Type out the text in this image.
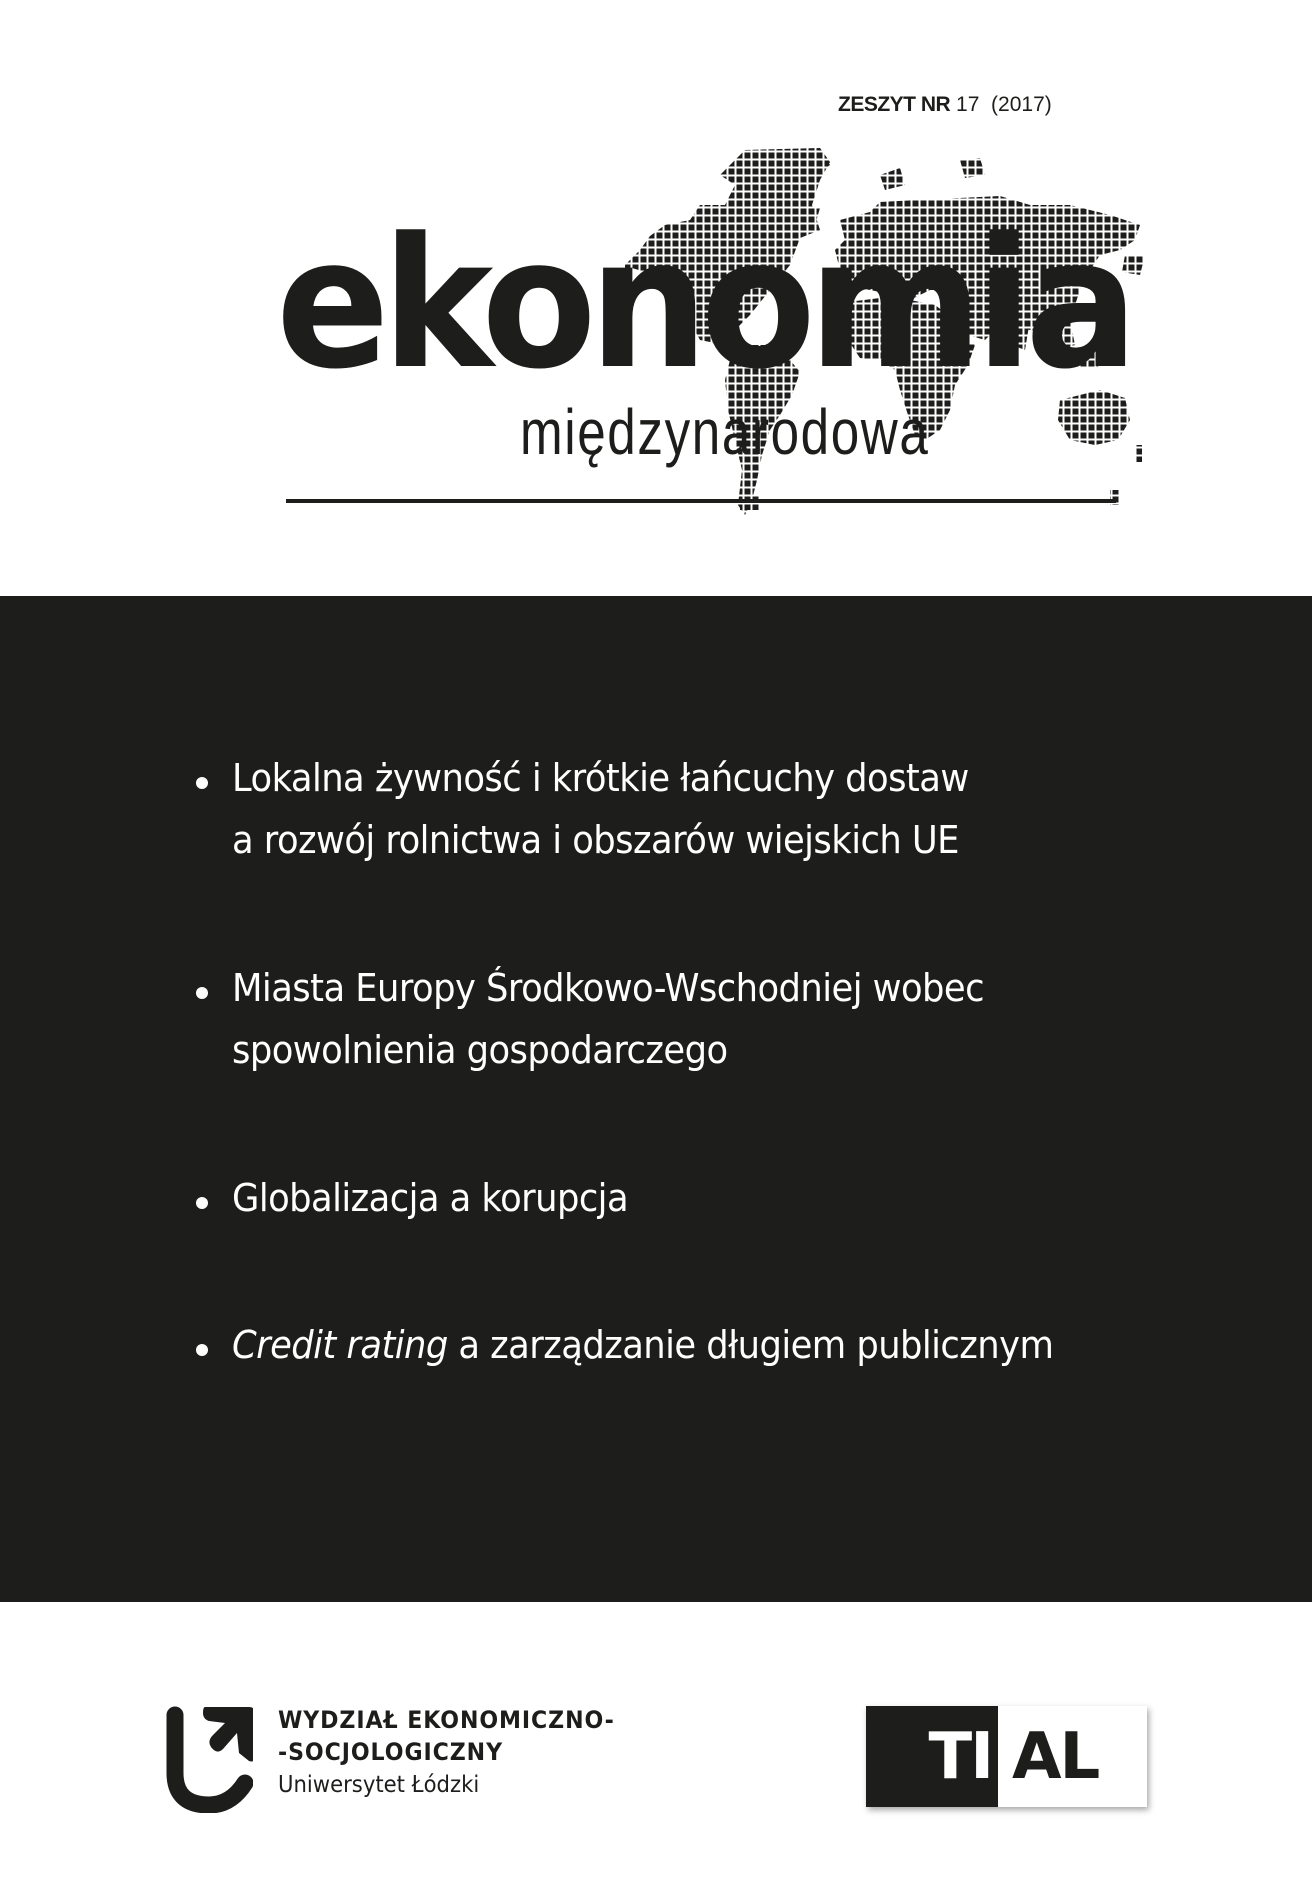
ZESZYT NR 17 (2017)
ekonomia
międzynarodowa
Lokalna żywność i krótkie łańcuchy dostaw
a rozwój rolnictwa i obszarów wiejskich UE
Miasta Europy Środkowo-Wschodniej wobec
spowolnienia gospodarczego
Globalizacja a korupcja
Credit rating a zarządzanie długiem publicznym
WYDZIAŁ EKONOMICZNO-
-SOCJOLOGICZNY
Uniwersytet Łódzki	TI AL
